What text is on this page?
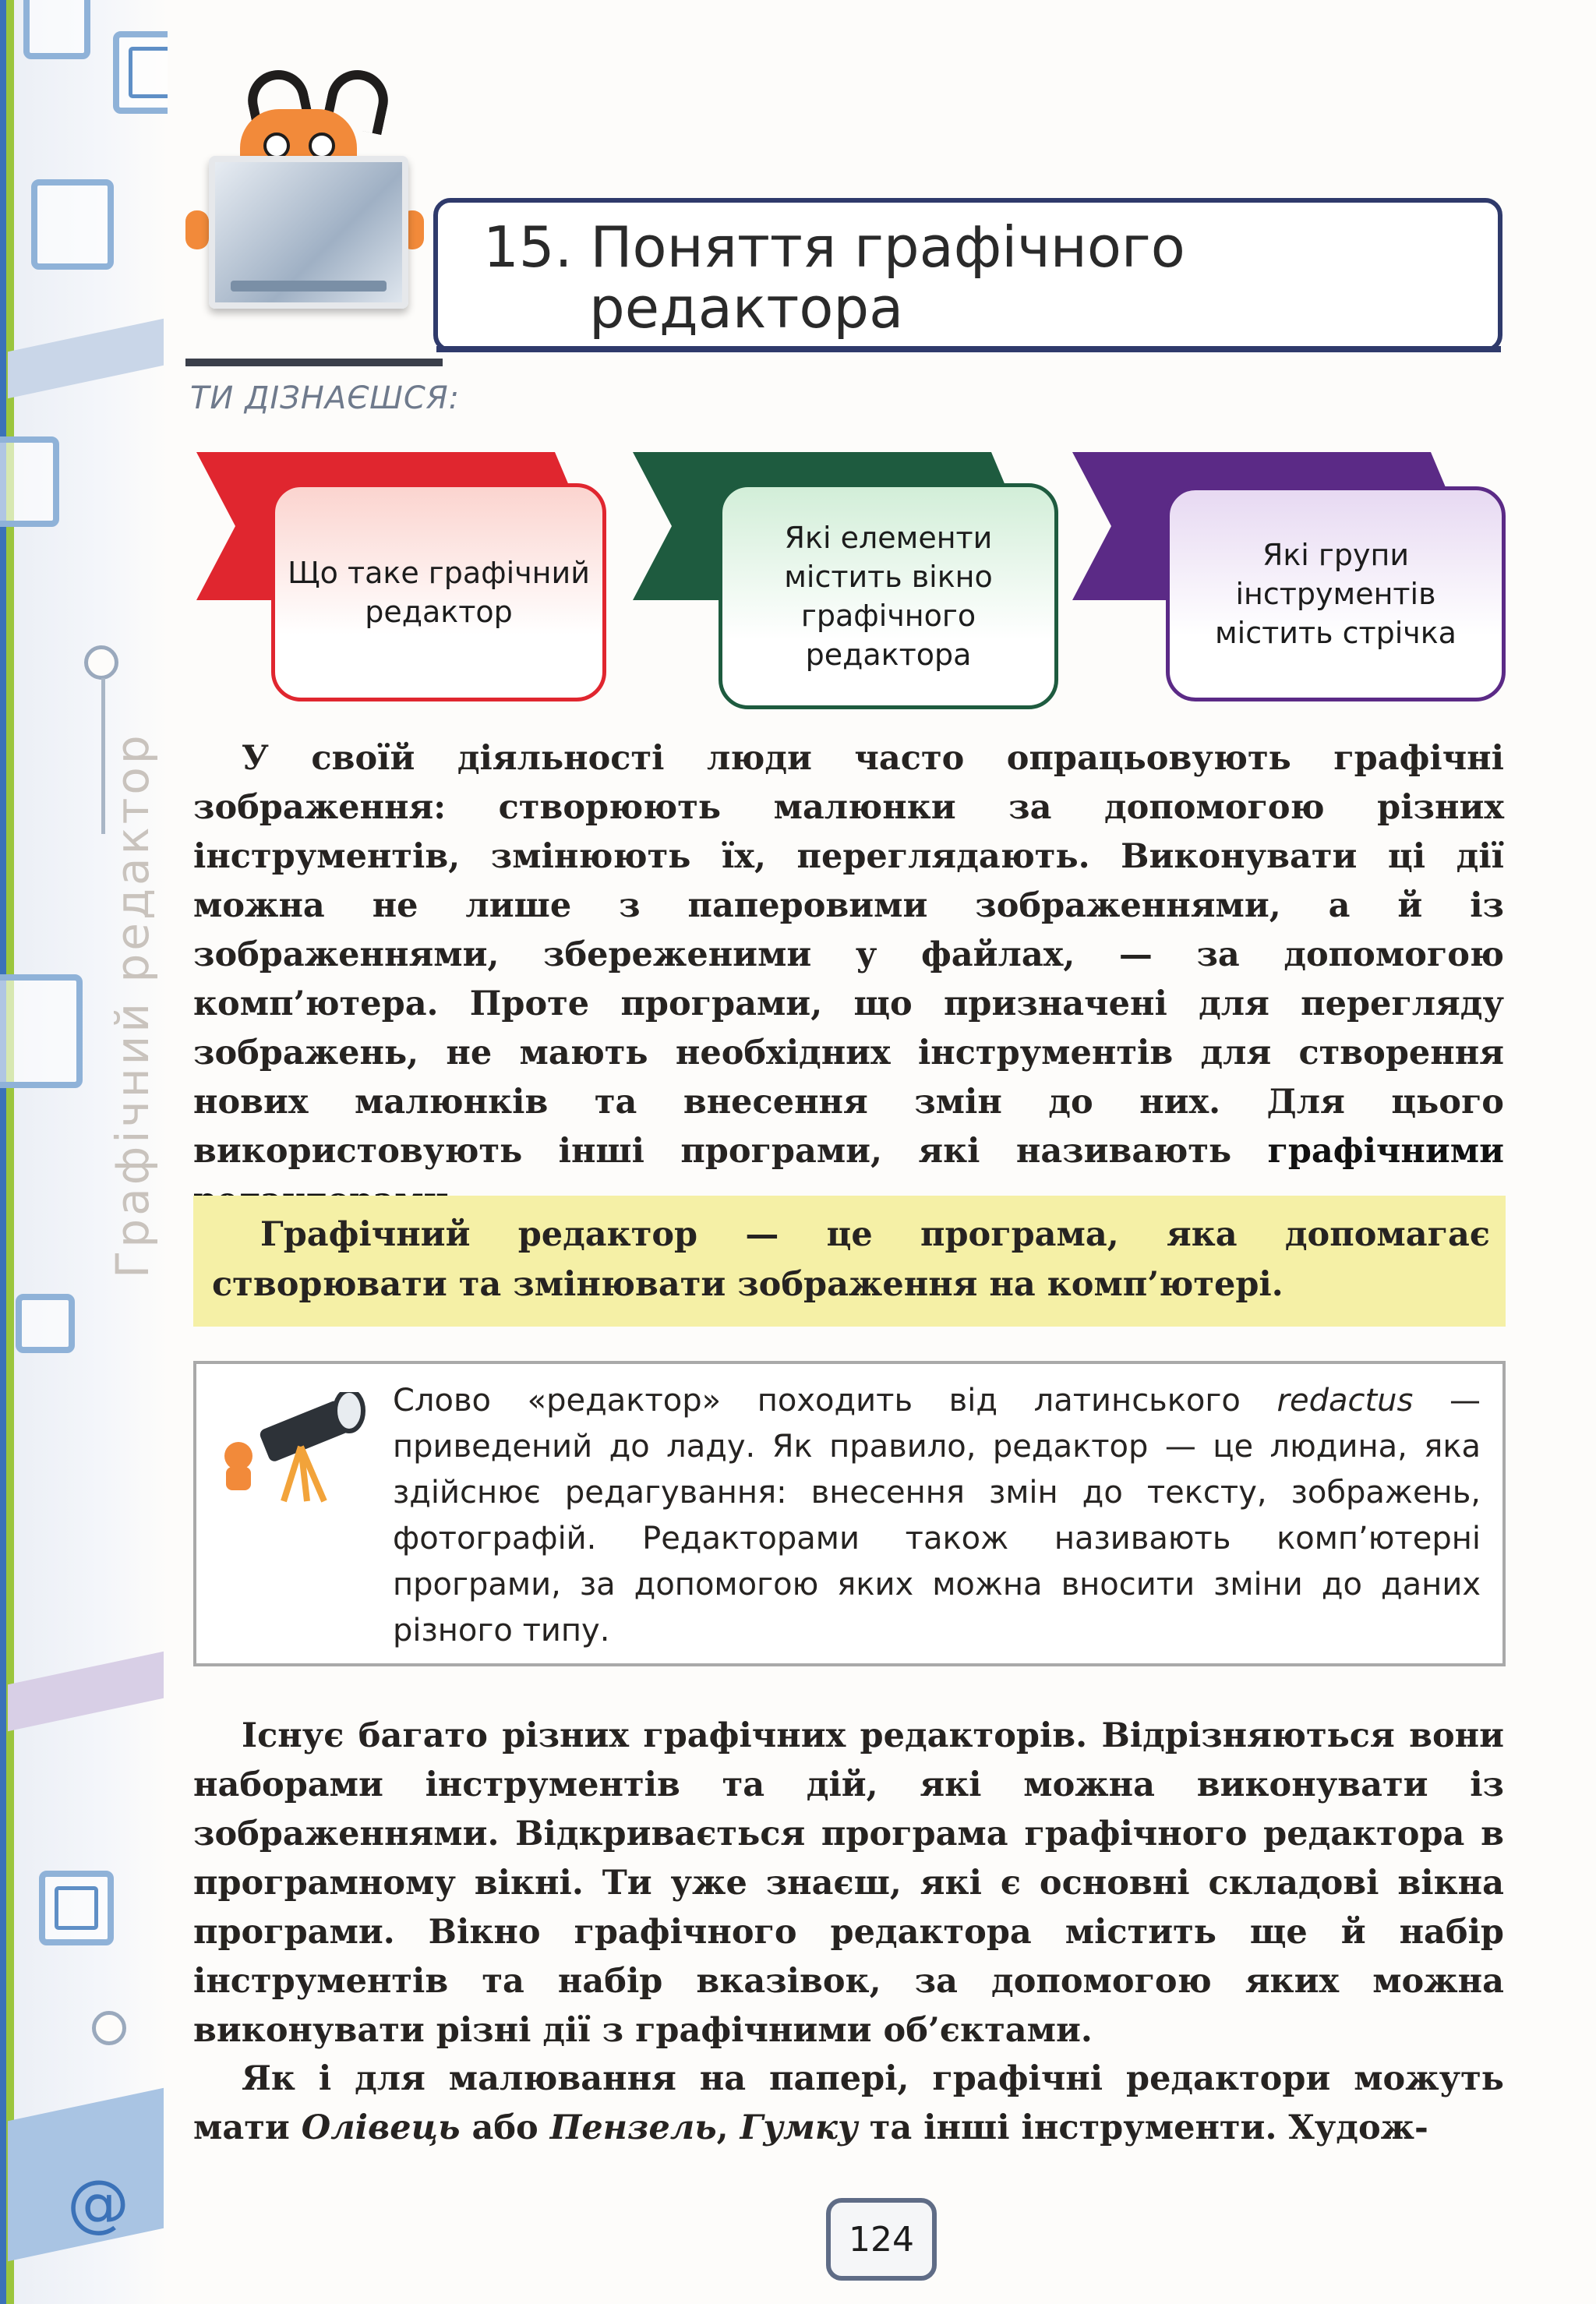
@
Графічний редактор
15. Поняття графічного
редактора
ТИ ДІЗНАЄШСЯ:
Що таке графічний редактор
Які елементи містить вікно графічного редактора
Які групи інструментів містить стрічка
У своїй діяльності люди часто опрацьовують графічні зображення: створюють малюнки за допомогою різних інструментів, змінюють їх, переглядають. Виконувати ці дії можна не лише з паперовими зображеннями, а й із зображеннями, збереженими у файлах, — за допомогою комп’ютера. Проте програми, що призначені для перегляду зображень, не мають необхідних інструментів для створення нових малюнків та внесення змін до них. Для цього використовують інші програми, які називають графічними
Графічний редактор — це програма, яка допомагає створювати та змінювати зображення на комп’ютері.
Слово «редактор» походить від латинського redactus — приведений до ладу. Як правило, редактор — це людина, яка здійснює редагування: внесення змін до тексту, зображень, фотографій. Редакторами також називають комп’ютерні програми, за допомогою яких можна вносити зміни до даних різного типу.
Існує багато різних графічних редакторів. Відрізняються вони наборами інструментів та дій, які можна виконувати із зображеннями. Відкривається програма графічного редактора в програмному вікні. Ти уже знаєш, які є основні складові вікна програми. Вікно графічного редактора містить ще й набір інструментів та набір вказівок, за допомогою яких можна виконувати різні дії з графічними об’єктами.
Як і для малювання на папері, графічні редактори можуть мати Олівець або Пензель, Гумку та інші інструменти. Худож-
124
